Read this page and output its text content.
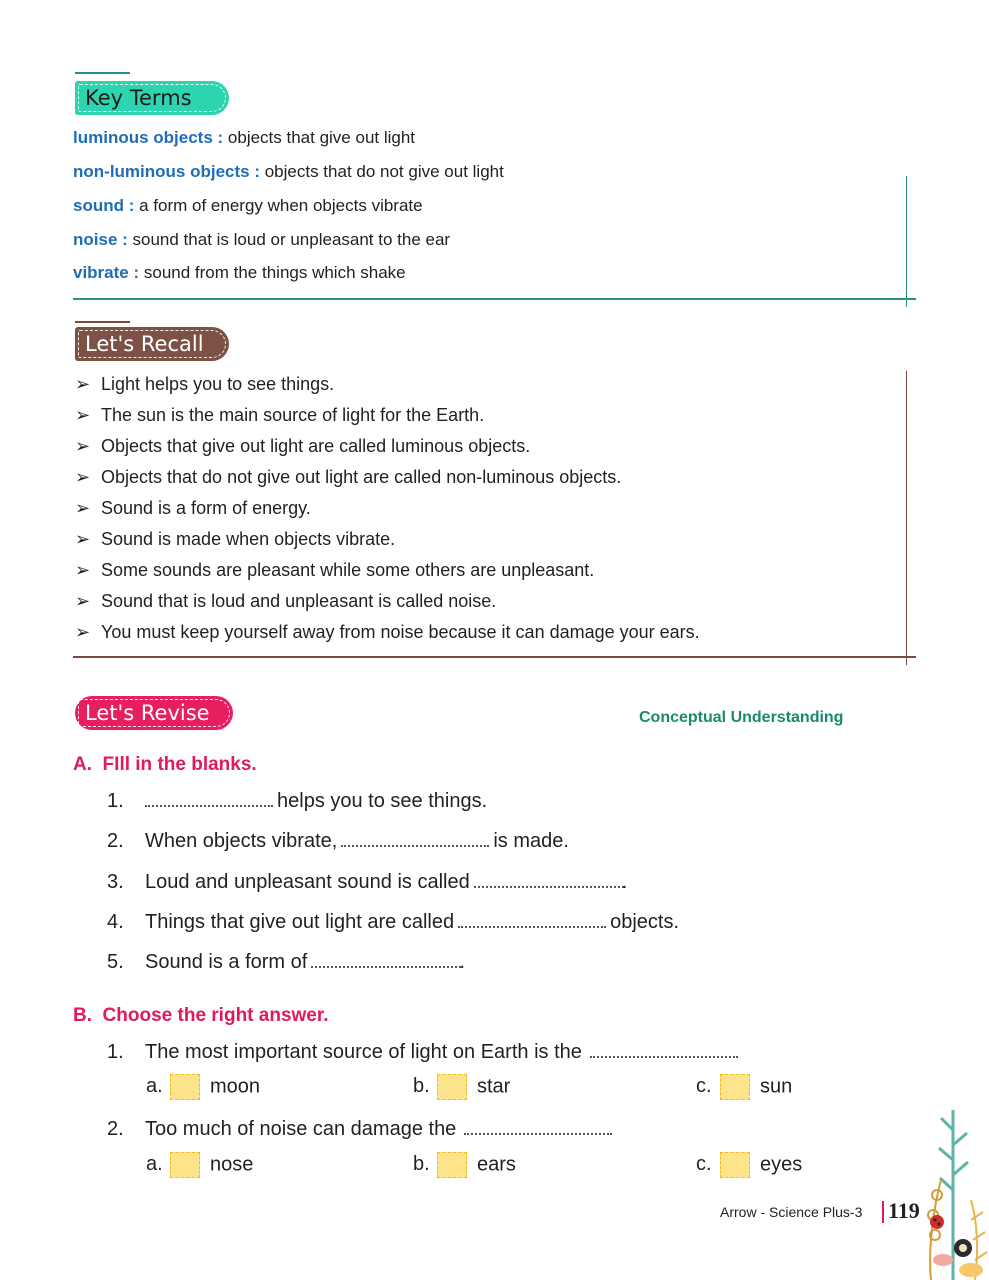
Key Terms
luminous objects : objects that give out light
non-luminous objects : objects that do not give out light
sound : a form of energy when objects vibrate
noise : sound that is loud or unpleasant to the ear
vibrate : sound from the things which shake
Let's Recall
➢ Light helps you to see things.
➢ The sun is the main source of light for the Earth.
➢ Objects that give out light are called luminous objects.
➢ Objects that do not give out light are called non-luminous objects.
➢ Sound is a form of energy.
➢ Sound is made when objects vibrate.
➢ Some sounds are pleasant while some others are unpleasant.
➢ Sound that is loud and unpleasant is called noise.
➢ You must keep yourself away from noise because it can damage your ears.
Let's Revise	Conceptual Understanding
A.  FIll in the blanks.
1.	helps you to see things.
2. When objects vibrate,	is made.
3. Loud and unpleasant sound is called	.
4. Things that give out light are called	objects.
5. Sound is a form of	.
B.  Choose the right answer.
1. The most important source of light on Earth is the
a. moon	b. star	c. sun
2. Too much of noise can damage the
a. nose	b. ears	c. eyes
Arrow - Science Plus-3 119
